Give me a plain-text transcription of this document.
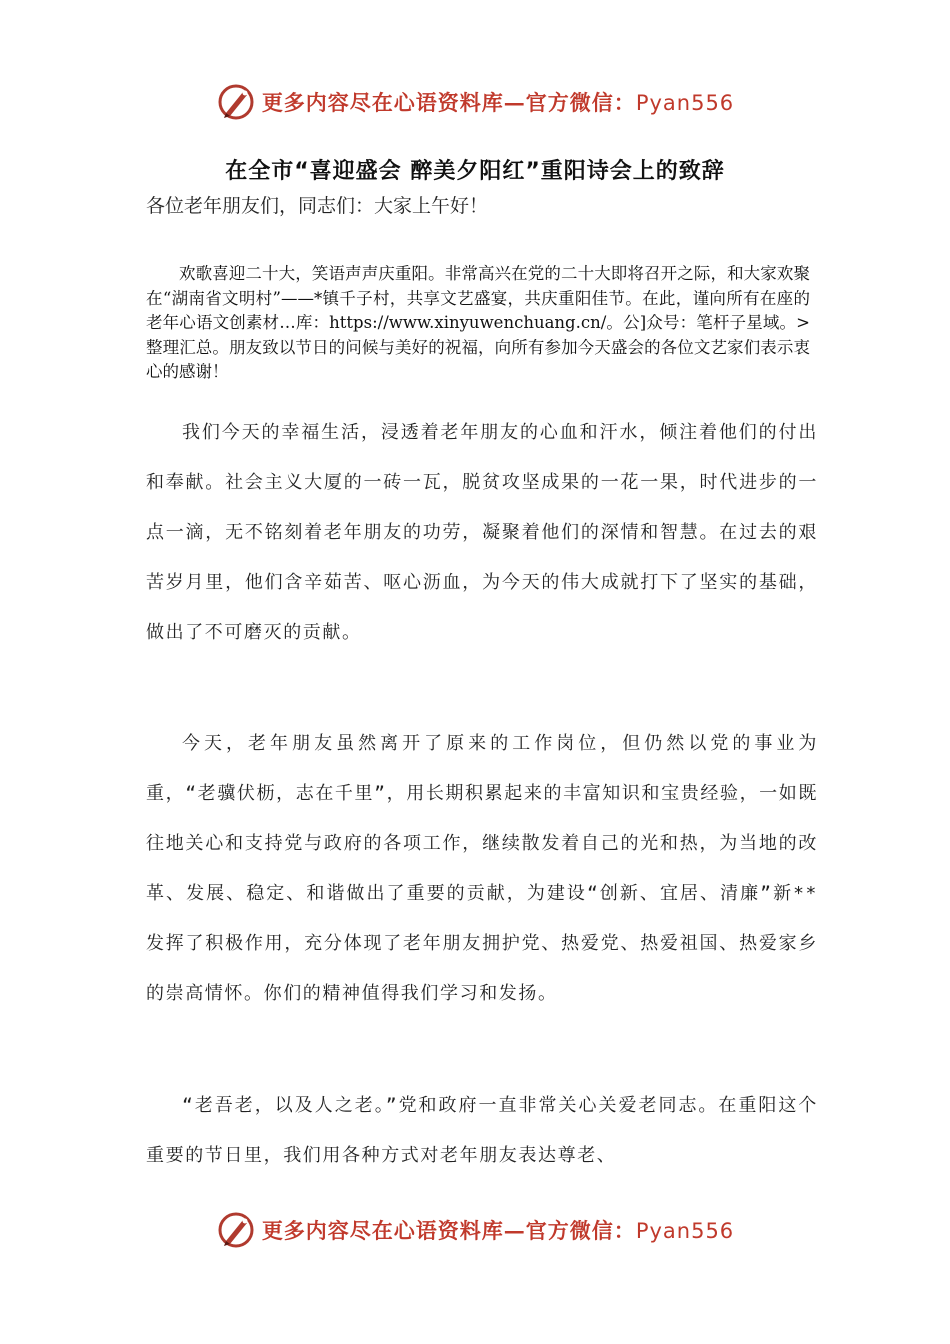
更多内容尽在心语资料库—官方微信：Pyan556
在全市“喜迎盛会 醉美夕阳红”重阳诗会上的致辞

各位老年朋友们，同志们：大家上午好！

欢歌喜迎二十大，笑语声声庆重阳。非常高兴在党的二十大即将召开之际，和大家欢聚在“湖南省文明村”——*镇千子村，共享文艺盛宴，共庆重阳佳节。在此，谨向所有在座的老年心语文创素材…库：https://www.xinyuwenchuang.cn/。公]众号：笔杆子星域。>整理汇总。朋友致以节日的问候与美好的祝福，向所有参加今天盛会的各位文艺家们表示衷心的感谢！

我们今天的幸福生活，浸透着老年朋友的心血和汗水，倾注着他们的付出和奉献。社会主义大厦的一砖一瓦，脱贫攻坚成果的一花一果，时代进步的一点一滴，无不铭刻着老年朋友的功劳，凝聚着他们的深情和智慧。在过去的艰苦岁月里，他们含辛茹苦、呕心沥血，为今天的伟大成就打下了坚实的基础，做出了不可磨灭的贡献。

今天，老年朋友虽然离开了原来的工作岗位，但仍然以党的事业为重，“老骥伏枥，志在千里”，用长期积累起来的丰富知识和宝贵经验，一如既往地关心和支持党与政府的各项工作，继续散发着自己的光和热，为当地的改革、发展、稳定、和谐做出了重要的贡献，为建设“创新、宜居、清廉”新**发挥了积极作用，充分体现了老年朋友拥护党、热爱党、热爱祖国、热爱家乡的崇高情怀。你们的精神值得我们学习和发扬。

“老吾老，以及人之老。”党和政府一直非常关心关爱老同志。在重阳这个重要的节日里，我们用各种方式对老年朋友表达尊老、

更多内容尽在心语资料库—官方微信：Pyan556
